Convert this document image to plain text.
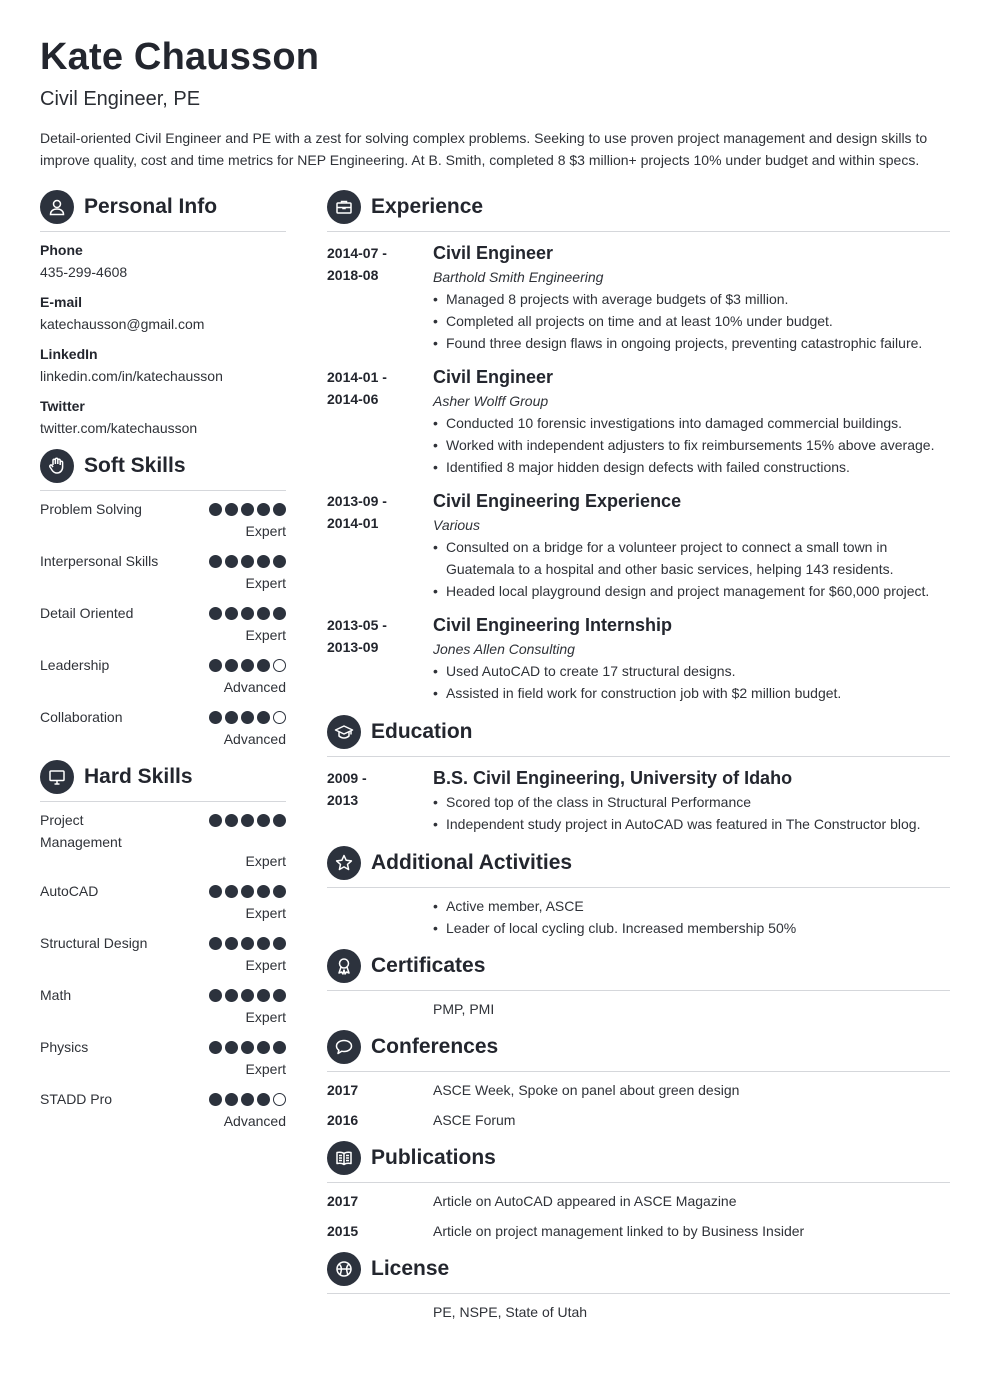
Kate Chausson
Civil Engineer, PE
Detail-oriented Civil Engineer and PE with a zest for solving complex problems. Seeking to use proven project management and design skills to improve quality, cost and time metrics for NEP Engineering. At B. Smith, completed 8 $3 million+ projects 10% under budget and within specs.
Personal Info
Phone
435-299-4608
E-mail
katechausson@gmail.com
LinkedIn
linkedin.com/in/katechausson
Twitter
twitter.com/katechausson
Soft Skills
Problem Solving
Expert
Interpersonal Skills
Expert
Detail Oriented
Expert
Leadership
Advanced
Collaboration
Advanced
Hard Skills
Project Management
Expert
AutoCAD
Expert
Structural Design
Expert
Math
Expert
Physics
Expert
STADD Pro
Advanced
Experience
2014-07 -
2018-08
Civil Engineer
Barthold Smith Engineering
• Managed 8 projects with average budgets of $3 million.
• Completed all projects on time and at least 10% under budget.
• Found three design flaws in ongoing projects, preventing catastrophic failure.
2014-01 -
2014-06
Civil Engineer
Asher Wolff Group
• Conducted 10 forensic investigations into damaged commercial buildings.
• Worked with independent adjusters to fix reimbursements 15% above average.
• Identified 8 major hidden design defects with failed constructions.
2013-09 -
2014-01
Civil Engineering Experience
Various
• Consulted on a bridge for a volunteer project to connect a small town in Guatemala to a hospital and other basic services, helping 143 residents.
• Headed local playground design and project management for $60,000 project.
2013-05 -
2013-09
Civil Engineering Internship
Jones Allen Consulting
• Used AutoCAD to create 17 structural designs.
• Assisted in field work for construction job with $2 million budget.
Education
2009 -
2013
B.S. Civil Engineering, University of Idaho
• Scored top of the class in Structural Performance
• Independent study project in AutoCAD was featured in The Constructor blog.
Additional Activities
• Active member, ASCE
• Leader of local cycling club. Increased membership 50%
Certificates
PMP, PMI
Conferences
2017	ASCE Week, Spoke on panel about green design
2016	ASCE Forum
Publications
2017	Article on AutoCAD appeared in ASCE Magazine
2015	Article on project management linked to by Business Insider
License
PE, NSPE, State of Utah
